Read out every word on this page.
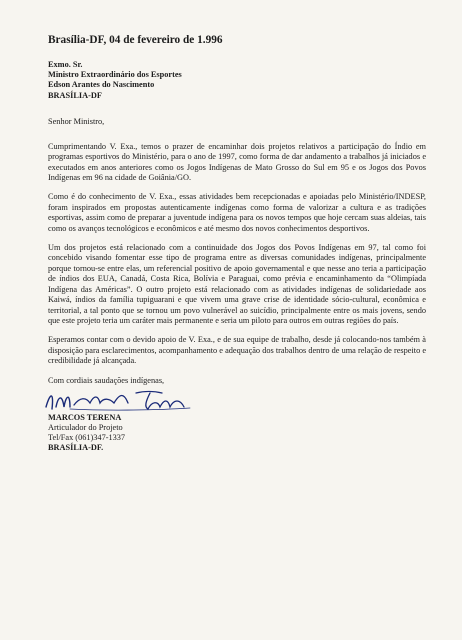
Brasília-DF, 04 de fevereiro de 1.996
Exmo. Sr.
Ministro Extraordinário dos Esportes
Edson Arantes do Nascimento
BRASÍLIA-DF
Senhor Ministro,

Cumprimentando V. Exa., temos o prazer de encaminhar dois projetos relativos a participação do Índio em programas esportivos do Ministério, para o ano de 1997, como forma de dar andamento a trabalhos já iniciados e executados em anos anteriores como os Jogos Indígenas de Mato Grosso do Sul em 95 e os Jogos dos Povos Indígenas em 96 na cidade de Goiânia/GO.

Como é do conhecimento de V. Exa., essas atividades bem recepcionadas e apoiadas pelo Ministério/INDESP, foram inspirados em propostas autenticamente indígenas como forma de valorizar a cultura e as tradições esportivas, assim como de preparar a juventude indígena para os novos tempos que hoje cercam suas aldeias, tais como os avanços tecnológicos e econômicos e até mesmo dos novos conhecimentos desportivos.

Um dos projetos está relacionado com a continuidade dos Jogos dos Povos Indígenas em 97, tal como foi concebido visando fomentar esse tipo de programa entre as diversas comunidades indígenas, principalmente porque tornou-se entre elas, um referencial positivo de apoio governamental e que nesse ano teria a participação de índios dos EUA, Canadá, Costa Rica, Bolívia e Paraguai, como prévia e encaminhamento da “Olimpíada Indígena das Américas”. O outro projeto está relacionado com as atividades indígenas de solidariedade aos Kaiwá, índios da família tupiguarani e que vivem uma grave crise de identidade sócio-cultural, econômica e territorial, a tal ponto que se tornou um povo vulnerável ao suicídio, principalmente entre os mais jovens, sendo que este projeto teria um caráter mais permanente e seria um piloto para outros em outras regiões do país.

Esperamos contar com o devido apoio de V. Exa., e de sua equipe de trabalho, desde já colocando-nos também à disposição para esclarecimentos, acompanhamento e adequação dos trabalhos dentro de uma relação de respeito e credibilidade já alcançada.

Com cordiais saudações indígenas,
MARCOS TERENA
Articulador do Projeto
Tel/Fax (061)347-1337
BRASÍLIA-DF.
